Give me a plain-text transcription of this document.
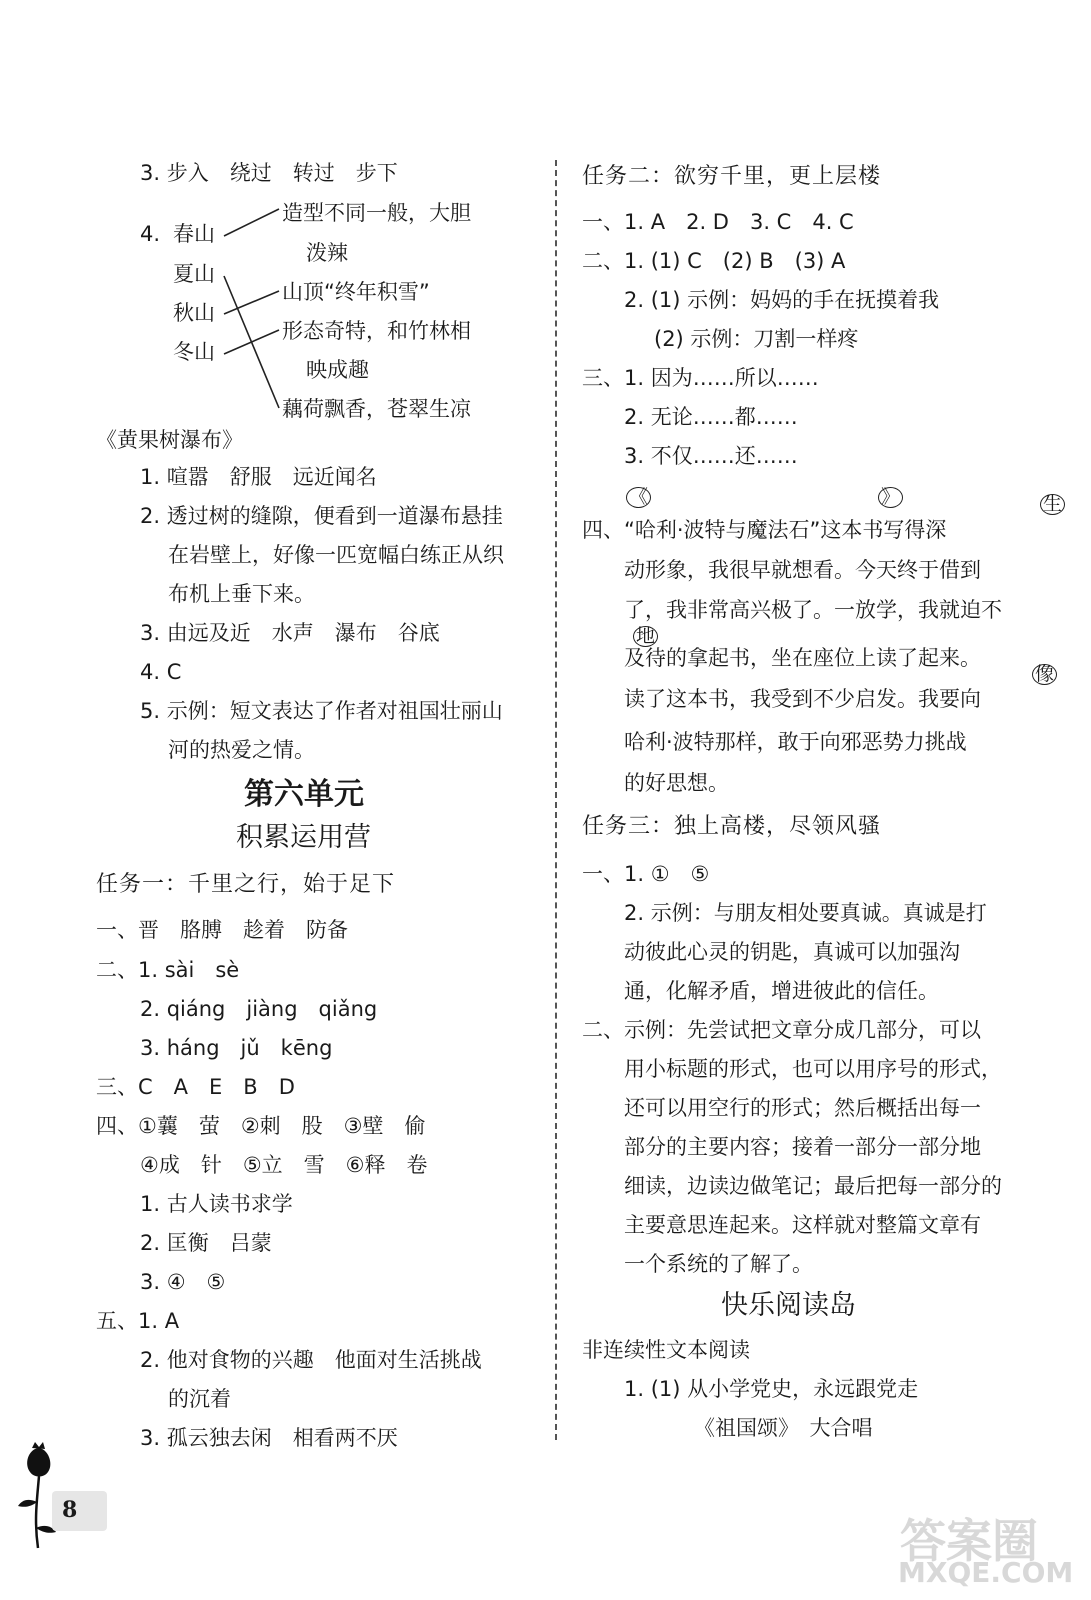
3. 步入　绕过　转过　步下
4. 春山
夏山
秋山
冬山
造型不同一般，大胆
泼辣
山顶“终年积雪”
形态奇特，和竹林相
映成趣
藕荷飘香，苍翠生凉
《黄果树瀑布》
1. 喧嚣　舒服　远近闻名
2. 透过树的缝隙，便看到一道瀑布悬挂
在岩壁上，好像一匹宽幅白练正从织
布机上垂下来。
3. 由远及近　水声　瀑布　谷底
4. C
5. 示例：短文表达了作者对祖国壮丽山
河的热爱之情。
第六单元
积累运用营
任务一：千里之行，始于足下
一、晋　胳膊　趁着　防备
二、1. sài　sè
2. qiáng　jiàng　qiǎng
3. háng　jǔ　kēng
三、C　A　E　B　D
四、①蘘　萤　②刺　股　③壁　偷
④成　针　⑤立　雪　⑥释　卷
1. 古人读书求学
2. 匡衡　吕蒙
3. ④　⑤
五、1. A
2. 他对食物的兴趣　他面对生活挑战
的沉着
3. 孤云独去闲　相看两不厌
任务二：欲穷千里，更上层楼
一、1. A　2. D　3. C　4. C
二、1. (1) C　(2) B　(3) A
2. (1) 示例：妈妈的手在抚摸着我
(2) 示例：刀割一样疼
三、1. 因为……所以……
2. 无论……都……
3. 不仅……还……
《	》	生
地
像
四、 “哈利·波特与魔法石”这本书写得深
动形象，我很早就想看。今天终于借到
了，我非常高兴极了。一放学，我就迫不
及待的拿起书，坐在座位上读了起来。
读了这本书，我受到不少启发。我要向
哈利·波特那样，敢于向邪恶势力挑战
的好思想。
任务三：独上高楼，尽领风骚
一、1. ①　⑤
2. 示例：与朋友相处要真诚。真诚是打
动彼此心灵的钥匙，真诚可以加强沟
通，化解矛盾，增进彼此的信任。
二、示例：先尝试把文章分成几部分，可以
用小标题的形式，也可以用序号的形式，
还可以用空行的形式；然后概括出每一
部分的主要内容；接着一部分一部分地
细读，边读边做笔记；最后把每一部分的
主要意思连起来。这样就对整篇文章有
一个系统的了解了。
快乐阅读岛
非连续性文本阅读
1. (1) 从小学党史，永远跟党走
《祖国颂》　大合唱
8
答案圈
MXQE.COM
